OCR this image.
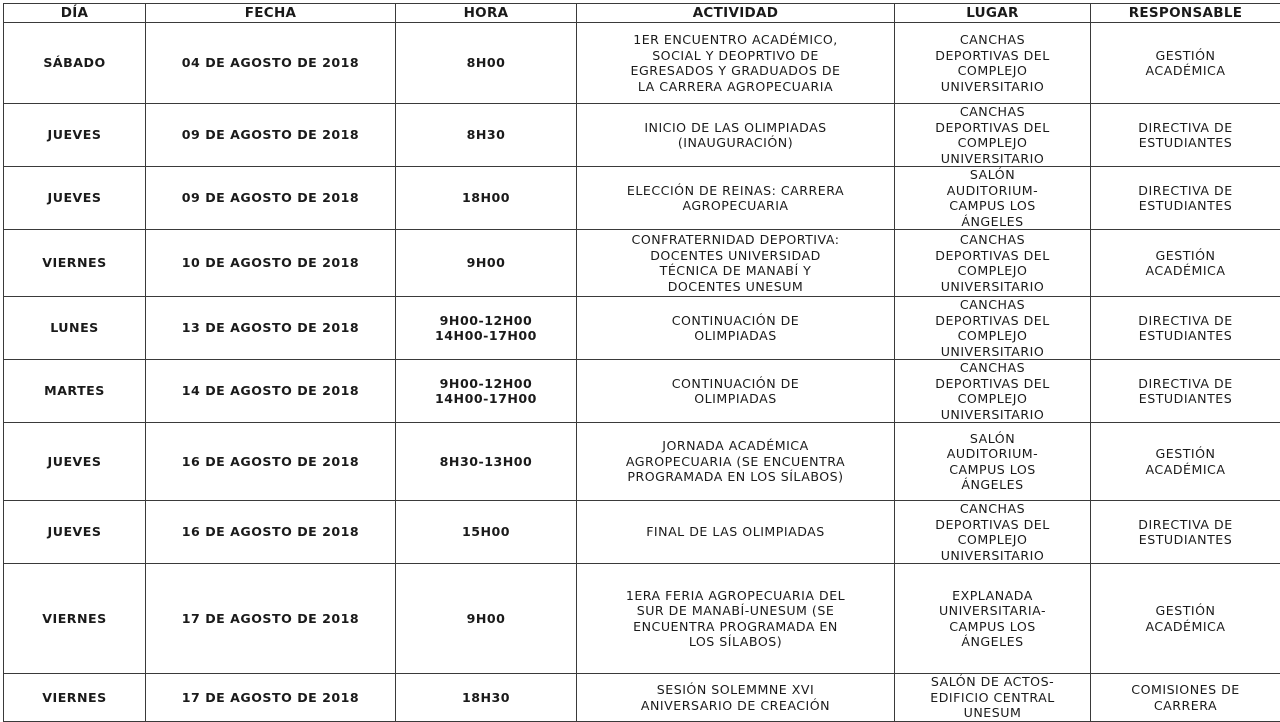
DÍA	FECHA	HORA	ACTIVIDAD	LUGAR	RESPONSABLE
SÁBADO	04 DE AGOSTO DE 2018	8H00	1ER ENCUENTRO ACADÉMICO,
SOCIAL Y DEOPRTIVO DE
EGRESADOS Y GRADUADOS DE
LA CARRERA AGROPECUARIA	CANCHAS
DEPORTIVAS DEL
COMPLEJO
UNIVERSITARIO	GESTIÓN
ACADÉMICA

JUEVES	09 DE AGOSTO DE 2018	8H30	INICIO DE LAS OLIMPIADAS
(INAUGURACIÓN)	CANCHAS
DEPORTIVAS DEL
COMPLEJO
UNIVERSITARIO	DIRECTIVA DE
ESTUDIANTES

JUEVES	09 DE AGOSTO DE 2018	18H00	ELECCIÓN DE REINAS: CARRERA
AGROPECUARIA	SALÓN
AUDITORIUM-
CAMPUS LOS
ÁNGELES	DIRECTIVA DE
ESTUDIANTES

VIERNES	10 DE AGOSTO DE 2018	9H00	CONFRATERNIDAD DEPORTIVA:
DOCENTES UNIVERSIDAD
TÉCNICA DE MANABÍ Y
DOCENTES UNESUM	CANCHAS
DEPORTIVAS DEL
COMPLEJO
UNIVERSITARIO	GESTIÓN
ACADÉMICA

LUNES	13 DE AGOSTO DE 2018	9H00-12H00
14H00-17H00	CONTINUACIÓN DE
OLIMPIADAS	CANCHAS
DEPORTIVAS DEL
COMPLEJO
UNIVERSITARIO	DIRECTIVA DE
ESTUDIANTES

MARTES	14 DE AGOSTO DE 2018	9H00-12H00
14H00-17H00	CONTINUACIÓN DE
OLIMPIADAS	CANCHAS
DEPORTIVAS DEL
COMPLEJO
UNIVERSITARIO	DIRECTIVA DE
ESTUDIANTES

JUEVES	16 DE AGOSTO DE 2018	8H30-13H00	JORNADA ACADÉMICA
AGROPECUARIA (SE ENCUENTRA
PROGRAMADA EN LOS SÍLABOS)	SALÓN
AUDITORIUM-
CAMPUS LOS
ÁNGELES	GESTIÓN
ACADÉMICA

JUEVES	16 DE AGOSTO DE 2018	15H00	FINAL DE LAS OLIMPIADAS	CANCHAS
DEPORTIVAS DEL
COMPLEJO
UNIVERSITARIO	DIRECTIVA DE
ESTUDIANTES

VIERNES	17 DE AGOSTO DE 2018	9H00	1ERA FERIA AGROPECUARIA DEL
SUR DE MANABÍ-UNESUM (SE
ENCUENTRA PROGRAMADA EN
LOS SÍLABOS)	EXPLANADA
UNIVERSITARIA-
CAMPUS LOS
ÁNGELES	GESTIÓN
ACADÉMICA

VIERNES	17 DE AGOSTO DE 2018	18H30	SESIÓN SOLEMMNE XVI
ANIVERSARIO DE CREACIÓN	SALÓN DE ACTOS-
EDIFICIO CENTRAL
UNESUM	COMISIONES DE
CARRERA
